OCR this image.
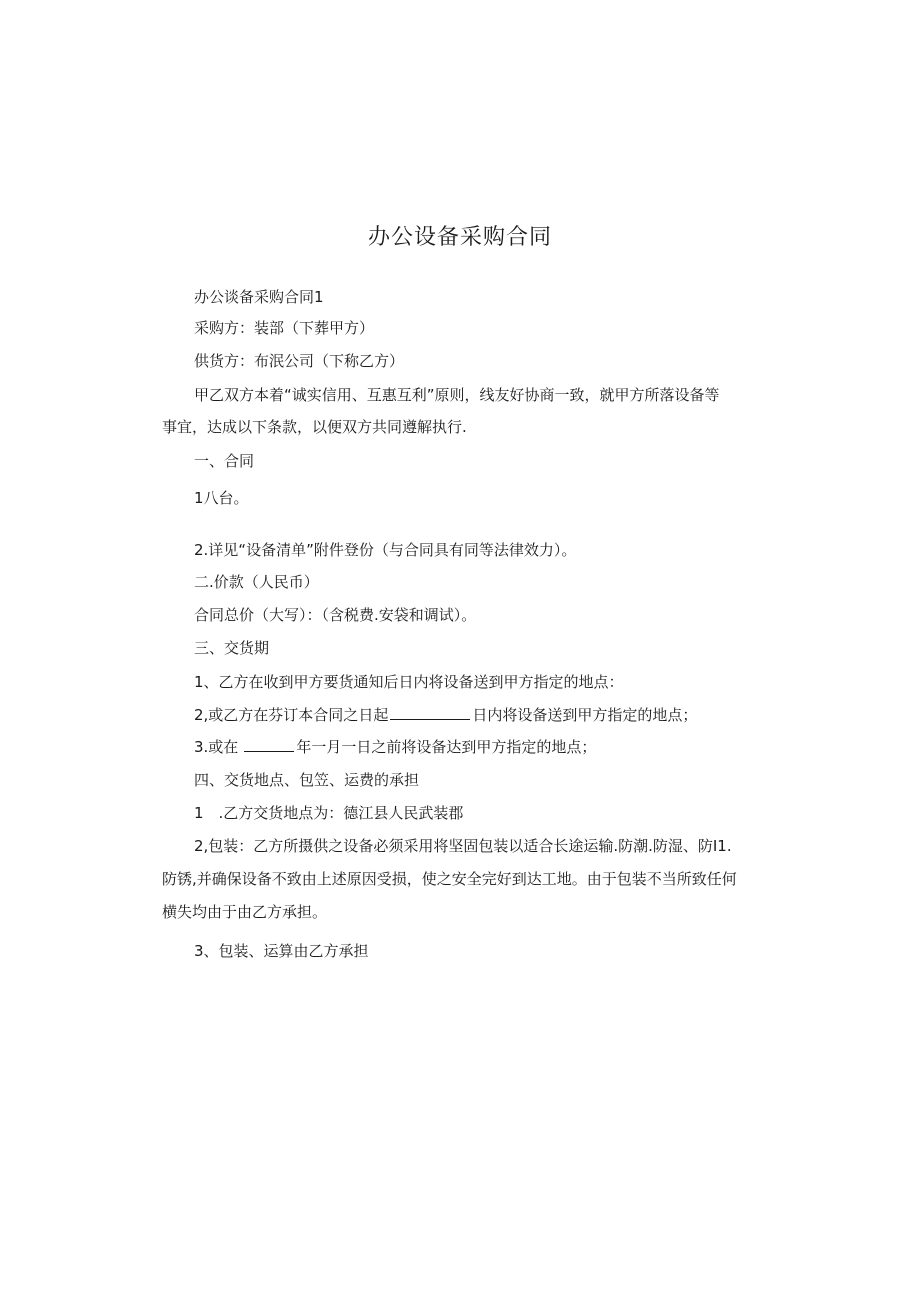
办公设备采购合同
办公谈备采购合同1
采购方：装部（下葬甲方）
供货方：布泯公司（下称乙方）
甲乙双方本着“诚实信用、互惠互利”原则，线友好协商一致，就甲方所落设备等
事宜，达成以下条款，以便双方共同遵解执行.
一、合同
1八台。
2.详见“设备清单”附件登份（与合同具有同等法律效力）。
二.价款（人民币）
合同总价（大写）：（含税费.安袋和调试）。
三、交货期
1、乙方在收到甲方要货通知后日内将设备送到甲方指定的地点：
2,或乙方在芬订本合同之日起	日内将设备送到甲方指定的地点；
3.或在	年一月一日之前将设备达到甲方指定的地点；
四、交货地点、包笠、运费的承担
1　.乙方交货地点为：德江县人民武装郡
2,包装：乙方所摄供之设备必须采用将坚固包装以适合长途运输.防潮.防湿、防I1.
防锈,并确保设备不致由上述原因受损，使之安全完好到达工地。由于包装不当所致任何
横失均由于由乙方承担。
3、包装、运算由乙方承担
